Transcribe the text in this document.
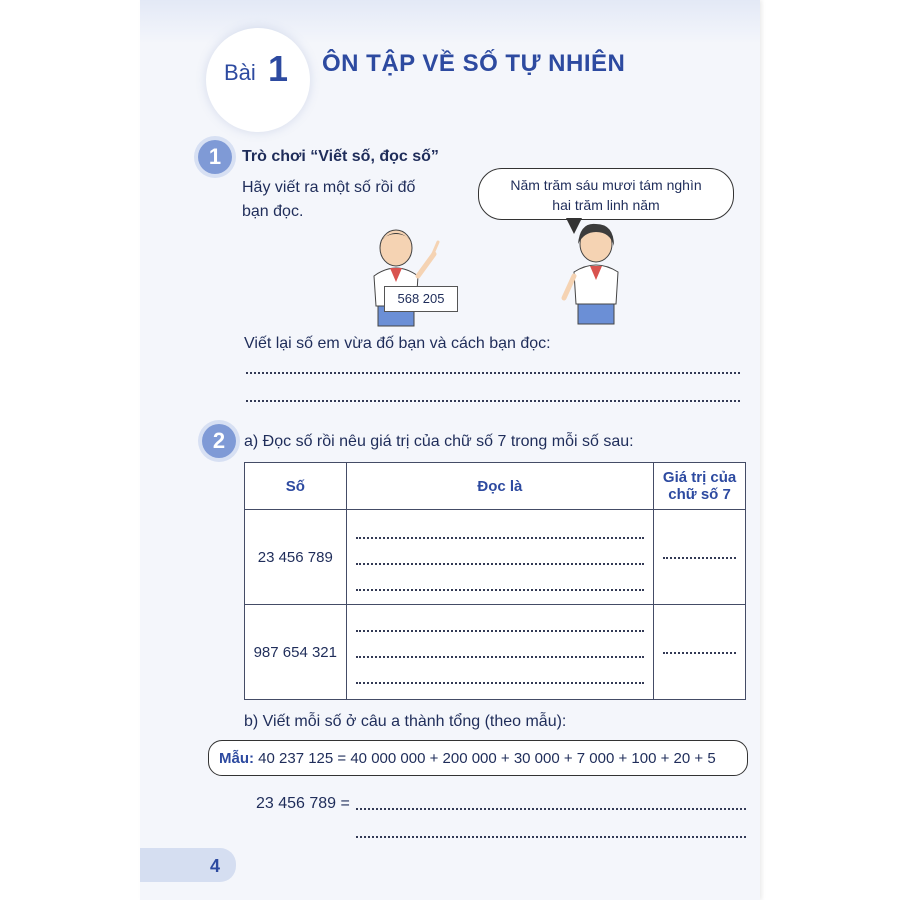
Bài 1 ÔN TẬP VỀ SỐ TỰ NHIÊN
1	Trò chơi “Viết số, đọc số”
Hãy viết ra một số rồi đố
bạn đọc.
Năm trăm sáu mươi tám nghìn
hai trăm linh năm
568 205
Viết lại số em vừa đố bạn và cách bạn đọc:
2	a) Đọc số rồi nêu giá trị của chữ số 7 trong mỗi số sau:
Số	Đọc là	Giá trị của
chữ số 7

23 456 789	

987 654 321	

b) Viết mỗi số ở câu a thành tổng (theo mẫu):
Mẫu: 40 237 125 = 40 000 000 + 200 000 + 30 000 + 7 000 + 100 + 20 + 5
23 456 789 =
4
